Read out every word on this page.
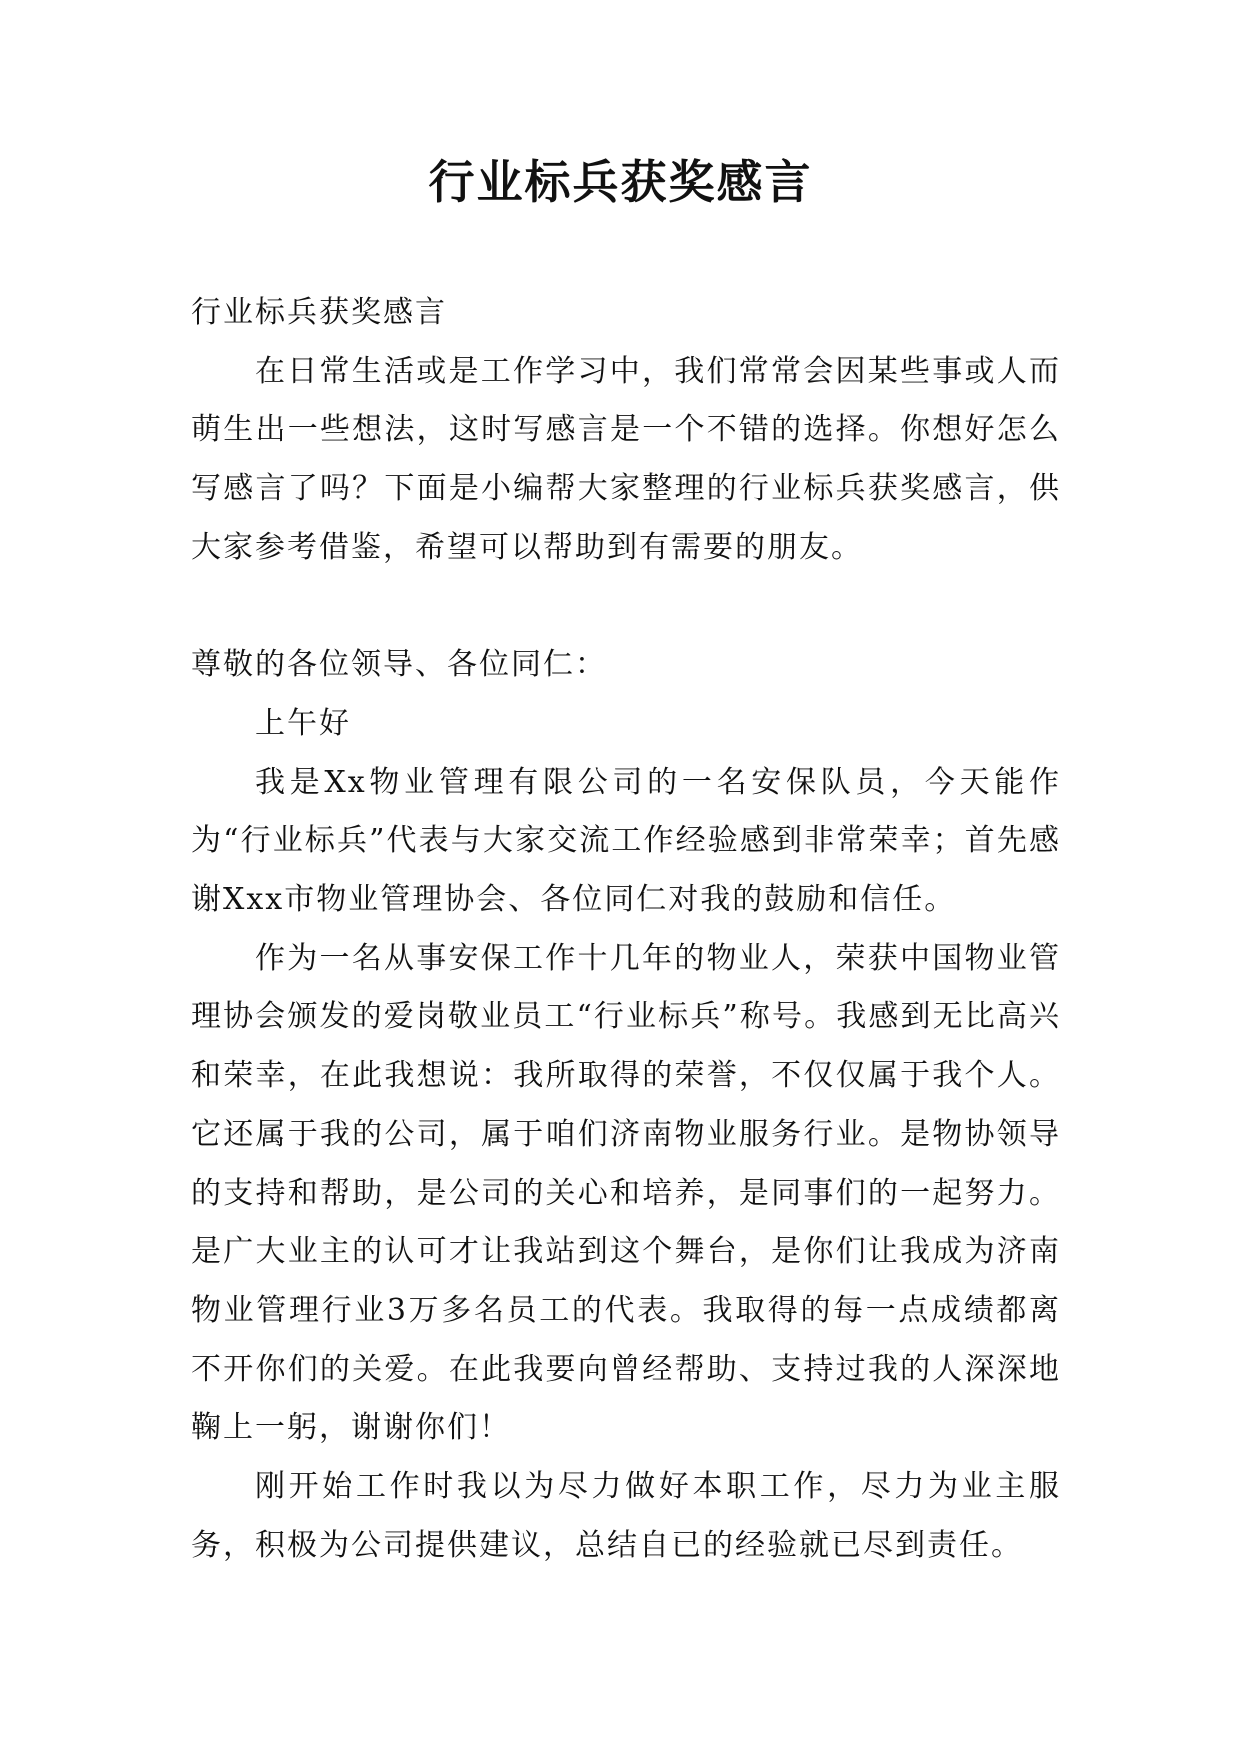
行业标兵获奖感言

行业标兵获奖感言

在日常生活或是工作学习中，我们常常会因某些事或人而萌生出一些想法，这时写感言是一个不错的选择。你想好怎么写感言了吗？下面是小编帮大家整理的行业标兵获奖感言，供大家参考借鉴，希望可以帮助到有需要的朋友。

尊敬的各位领导、各位同仁：

上午好

我是Xx物业管理有限公司的一名安保队员，今天能作为“行业标兵”代表与大家交流工作经验感到非常荣幸；首先感谢Xxx市物业管理协会、各位同仁对我的鼓励和信任。

作为一名从事安保工作十几年的物业人，荣获中国物业管理协会颁发的爱岗敬业员工“行业标兵”称号。我感到无比高兴和荣幸，在此我想说：我所取得的荣誉，不仅仅属于我个人。它还属于我的公司，属于咱们济南物业服务行业。是物协领导的支持和帮助，是公司的关心和培养，是同事们的一起努力。是广大业主的认可才让我站到这个舞台，是你们让我成为济南物业管理行业3万多名员工的代表。我取得的每一点成绩都离不开你们的关爱。在此我要向曾经帮助、支持过我的人深深地鞠上一躬，谢谢你们！

刚开始工作时我以为尽力做好本职工作，尽力为业主服务，积极为公司提供建议，总结自已的经验就已尽到责任。
